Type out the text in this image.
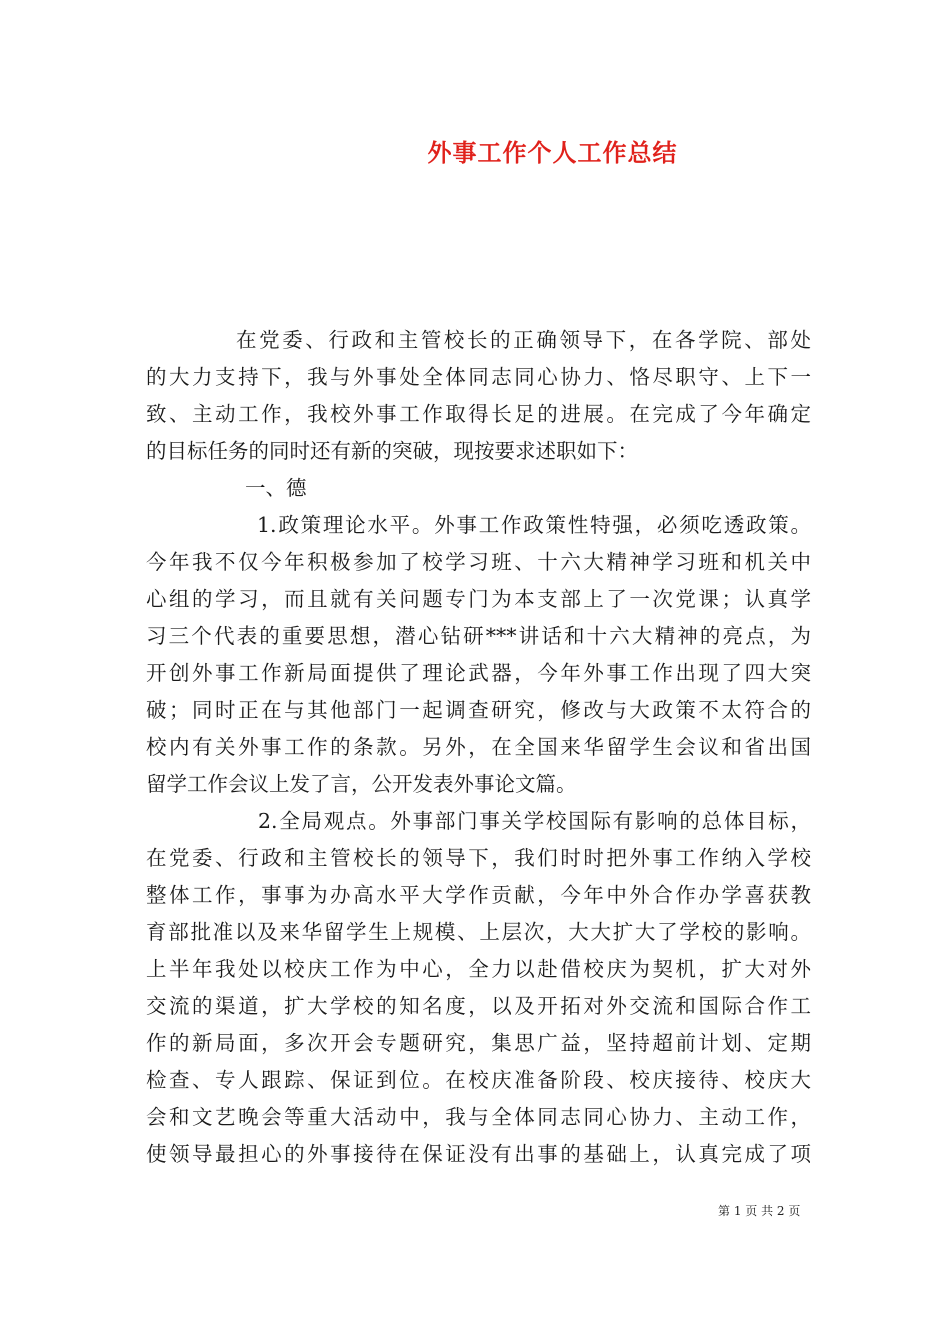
外事工作个人工作总结
在党委、行政和主管校长的正确领导下，在各学院、部处
的大力支持下，我与外事处全体同志同心协力、恪尽职守、上下一
致、主动工作，我校外事工作取得长足的进展。在完成了今年确定
的目标任务的同时还有新的突破，现按要求述职如下：
一、德
1.政策理论水平。外事工作政策性特强，必须吃透政策。
今年我不仅今年积极参加了校学习班、十六大精神学习班和机关中
心组的学习，而且就有关问题专门为本支部上了一次党课；认真学
习三个代表的重要思想，潜心钻研***讲话和十六大精神的亮点，为
开创外事工作新局面提供了理论武器，今年外事工作出现了四大突
破；同时正在与其他部门一起调查研究，修改与大政策不太符合的
校内有关外事工作的条款。另外，在全国来华留学生会议和省出国
留学工作会议上发了言，公开发表外事论文篇。
2.全局观点。外事部门事关学校国际有影响的总体目标，
在党委、行政和主管校长的领导下，我们时时把外事工作纳入学校
整体工作，事事为办高水平大学作贡献，今年中外合作办学喜获教
育部批准以及来华留学生上规模、上层次，大大扩大了学校的影响。
上半年我处以校庆工作为中心，全力以赴借校庆为契机，扩大对外
交流的渠道，扩大学校的知名度，以及开拓对外交流和国际合作工
作的新局面，多次开会专题研究，集思广益，坚持超前计划、定期
检查、专人跟踪、保证到位。在校庆准备阶段、校庆接待、校庆大
会和文艺晚会等重大活动中，我与全体同志同心协力、主动工作，
使领导最担心的外事接待在保证没有出事的基础上，认真完成了项
第 1 页 共 2 页
